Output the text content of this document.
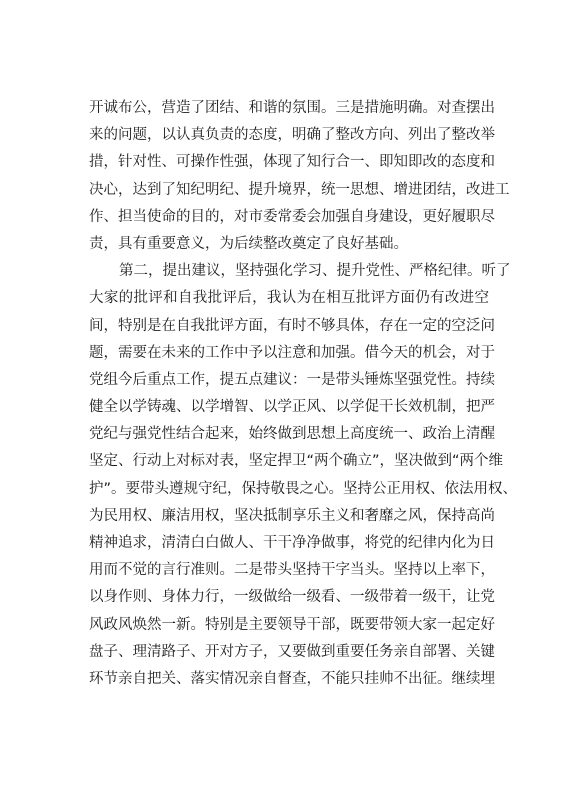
开诚布公，营造了团结、和谐的氛围。三是措施明确。对查摆出
来的问题，以认真负责的态度，明确了整改方向、列出了整改举
措，针对性、可操作性强，体现了知行合一、即知即改的态度和
决心，达到了知纪明纪、提升境界，统一思想、增进团结，改进工
作、担当使命的目的，对市委常委会加强自身建设，更好履职尽
责，具有重要意义，为后续整改奠定了良好基础。
第二，提出建议，坚持强化学习、提升党性、严格纪律。听了
大家的批评和自我批评后，我认为在相互批评方面仍有改进空
间，特别是在自我批评方面，有时不够具体，存在一定的空泛问
题，需要在未来的工作中予以注意和加强。借今天的机会，对于
党组今后重点工作，提五点建议：一是带头锤炼坚强党性。持续
健全以学铸魂、以学增智、以学正风、以学促干长效机制，把严
党纪与强党性结合起来，始终做到思想上高度统一、政治上清醒
坚定、行动上对标对表，坚定捍卫“两个确立”，坚决做到“两个维
护”。要带头遵规守纪，保持敬畏之心。坚持公正用权、依法用权、
为民用权、廉洁用权，坚决抵制享乐主义和奢靡之风，保持高尚
精神追求，清清白白做人、干干净净做事，将党的纪律内化为日
用而不觉的言行准则。二是带头坚持干字当头。坚持以上率下，
以身作则、身体力行，一级做给一级看、一级带着一级干，让党
风政风焕然一新。特别是主要领导干部，既要带领大家一起定好
盘子、理清路子、开对方子，又要做到重要任务亲自部署、关键
环节亲自把关、落实情况亲自督查，不能只挂帅不出征。继续埋
